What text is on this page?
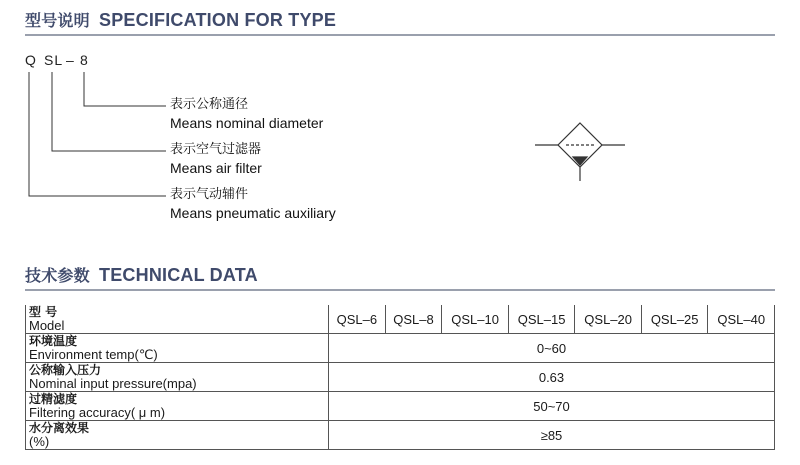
型号说明 SPECIFICATION FOR TYPE
Q SL – 8
表示公称通径
Means nominal diameter
表示空气过滤器
Means air filter
表示气动辅件
Means pneumatic auxiliary
技术参数 TECHNICAL DATA
型 号
Model	QSL–6	QSL–8	QSL–10	QSL–15	QSL–20	QSL–25	QSL–40

环境温度
Environment temp(℃)	0~60						

公称输入压力
Nominal input pressure(mpa)	0.63						

过精滤度
Filtering accuracy( μ m)	50~70						

水分离效果
(%)	≥85						
